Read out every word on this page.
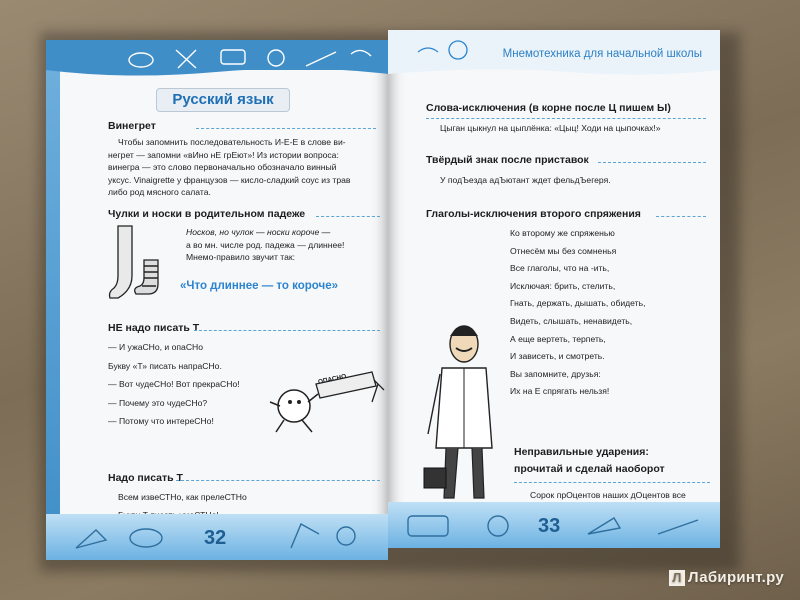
Русский язык
Винегрет
Чтобы запомнить последовательность И-Е-Е в слове ви-
негрет — запомни «вИно нЕ грЕют»! Из истории вопроса:
винегра — это слово первоначально обозначало винный
уксус. Vinaigrette у французов — кисло-сладкий соус из трав
либо род мясного салата.
Чулки и носки в родительном падеже
Носков, но чулок — носки короче —
а во мн. числе род. падежа — длиннее!
Мнемо-правило звучит так:
«Что длиннее — то короче»
НЕ надо писать Т
— И ужаСНо, и опаСНо
Букву «Т» писать напраСНо.
— Вот чудеСНо! Вот прекраСНо!
— Почему это чудеСНо?
— Потому что интереСНо!
ОПАСНО
Надо писать Т
Всем извеСТНо, как прелеСТНо
32
Мнемотехника для начальной школы
Слова-исключения (в корне после Ц пишем Ы)
Цыган цыкнул на цыплёнка: «Цыц! Ходи на цыпочках!»
Твёрдый знак после приставок
У подЪезда адЪютант ждет фельдЪегеря.
Глаголы-исключения второго спряжения
Ко второму же спряженью
Отнесём мы без сомненья
Все глаголы, что на -ить,
Исключая: брить, стелить,
Гнать, держать, дышать, обидеть,
Видеть, слышать, ненавидеть,
А еще вертеть, терпеть,
И зависеть, и смотреть.
Вы запомните, друзья:
Их на Е спрягать нельзя!
Неправильные ударения:
прочитай и сделай наоборот
Сорок прОцентов наших дОцентов все
33
Л Лабиринт.ру
